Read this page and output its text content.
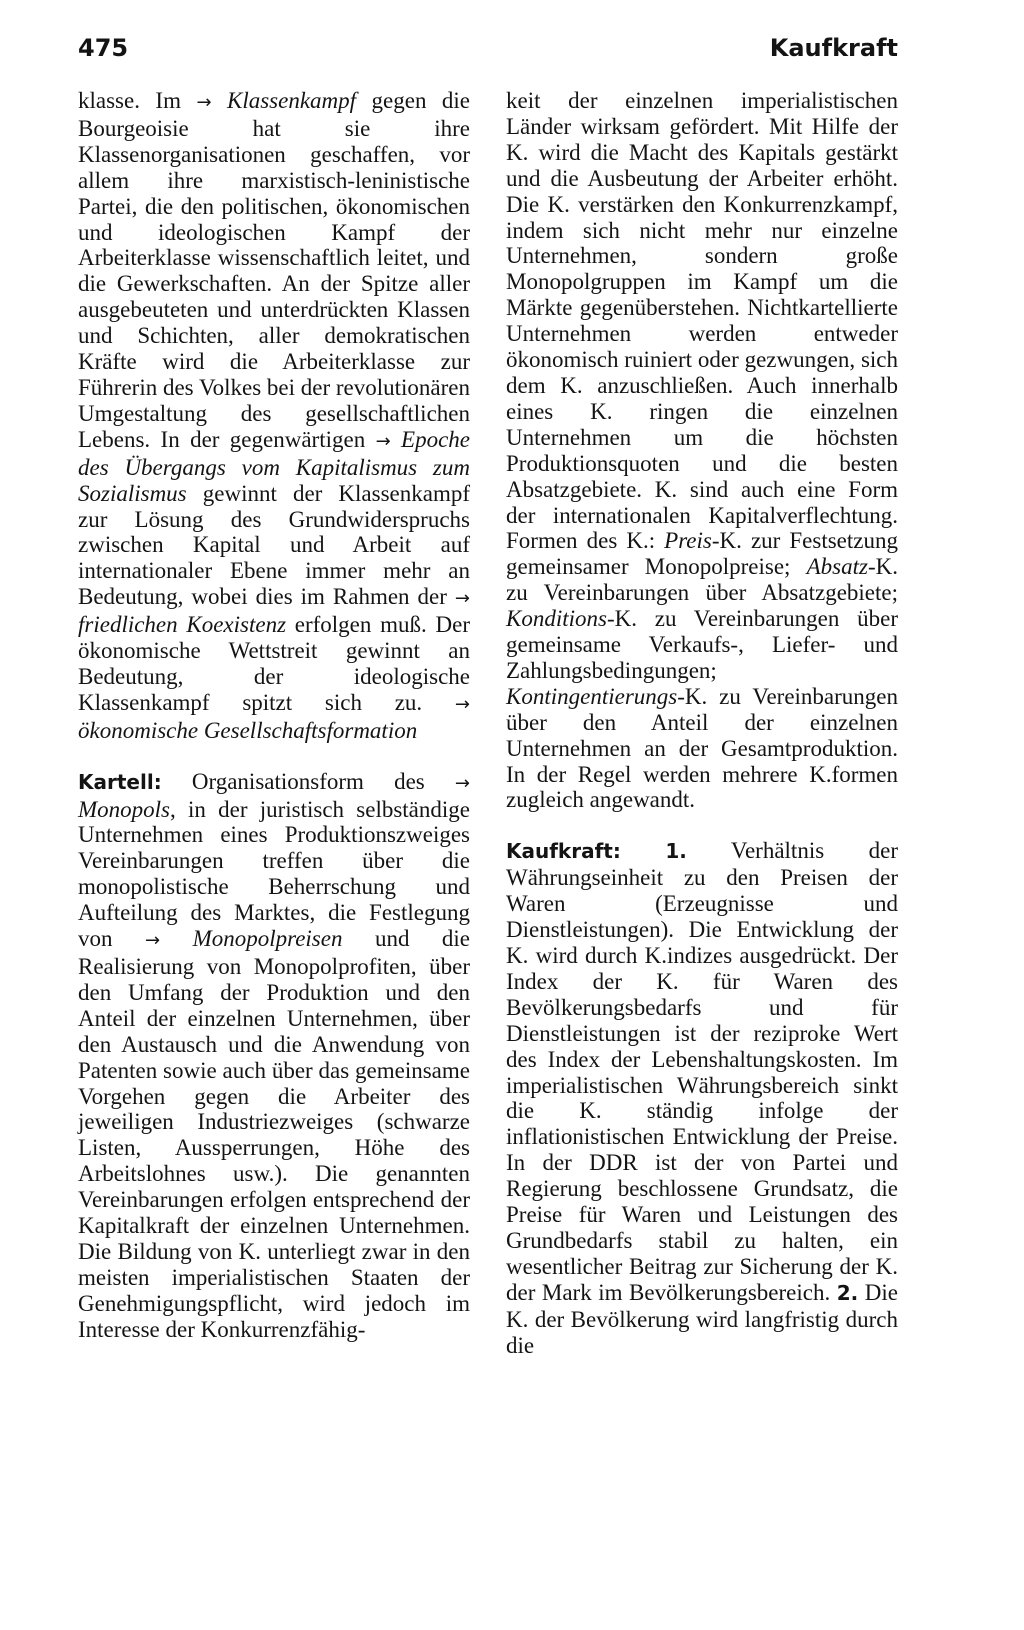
475	Kaufkraft

klasse. Im → Klassenkampf gegen die Bourgeoisie hat sie ihre Klassenorganisationen geschaffen, vor allem ihre marxistisch-leninistische Partei, die den politischen, ökonomischen und ideologischen Kampf der Arbeiterklasse wissenschaftlich leitet, und die Gewerkschaften. An der Spitze aller ausgebeuteten und unterdrückten Klassen und Schichten, aller demokratischen Kräfte wird die Arbeiterklasse zur Führerin des Volkes bei der revolutionären Umgestaltung des gesellschaftlichen Lebens. In der gegenwärtigen → Epoche des Übergangs vom Kapitalismus zum Sozialismus gewinnt der Klassenkampf zur Lösung des Grundwiderspruchs zwischen Kapital und Arbeit auf internationaler Ebene immer mehr an Bedeutung, wobei dies im Rahmen der → friedlichen Koexistenz erfolgen muß. Der ökonomische Wettstreit gewinnt an Bedeutung, der ideologische Klassenkampf spitzt sich zu. → ökonomische Gesellschaftsformation

Kartell: Organisationsform des → Monopols, in der juristisch selbständige Unternehmen eines Produktionszweiges Vereinbarungen treffen über die monopolistische Beherrschung und Aufteilung des Marktes, die Festlegung von → Monopolpreisen und die Realisierung von Monopolprofiten, über den Umfang der Produktion und den Anteil der einzelnen Unternehmen, über den Austausch und die Anwendung von Patenten sowie auch über das gemeinsame Vorgehen gegen die Arbeiter des jeweiligen Industriezweiges (schwarze Listen, Aussperrungen, Höhe des Arbeitslohnes usw.). Die genannten Vereinbarungen erfolgen entsprechend der Kapitalkraft der einzelnen Unternehmen. Die Bildung von K. unterliegt zwar in den meisten imperialistischen Staaten der Genehmigungspflicht, wird jedoch im Interesse der Konkurrenzfähig-

keit der einzelnen imperialistischen Länder wirksam gefördert. Mit Hilfe der K. wird die Macht des Kapitals gestärkt und die Ausbeutung der Arbeiter erhöht. Die K. verstärken den Konkurrenzkampf, indem sich nicht mehr nur einzelne Unternehmen, sondern große Monopolgruppen im Kampf um die Märkte gegenüberstehen. Nichtkartellierte Unternehmen werden entweder ökonomisch ruiniert oder gezwungen, sich dem K. anzuschließen. Auch innerhalb eines K. ringen die einzelnen Unternehmen um die höchsten Produktionsquoten und die besten Absatzgebiete. K. sind auch eine Form der internationalen Kapitalverflechtung. Formen des K.: Preis-K. zur Festsetzung gemeinsamer Monopolpreise; Absatz-K. zu Vereinbarungen über Absatzgebiete; Konditions-K. zu Vereinbarungen über gemeinsame Verkaufs-, Liefer- und Zahlungsbedingungen; Kontingentierungs-K. zu Vereinbarungen über den Anteil der einzelnen Unternehmen an der Gesamtproduktion. In der Regel werden mehrere K.formen zugleich angewandt.

Kaufkraft: 1. Verhältnis der Währungseinheit zu den Preisen der Waren (Erzeugnisse und Dienstleistungen). Die Entwicklung der K. wird durch K.indizes ausgedrückt. Der Index der K. für Waren des Bevölkerungsbedarfs und für Dienstleistungen ist der reziproke Wert des Index der Lebenshaltungskosten. Im imperialistischen Währungsbereich sinkt die K. ständig infolge der inflationistischen Entwicklung der Preise. In der DDR ist der von Partei und Regierung beschlossene Grundsatz, die Preise für Waren und Leistungen des Grundbedarfs stabil zu halten, ein wesentlicher Beitrag zur Sicherung der K. der Mark im Bevölkerungsbereich. 2. Die K. der Bevölkerung wird langfristig durch die
